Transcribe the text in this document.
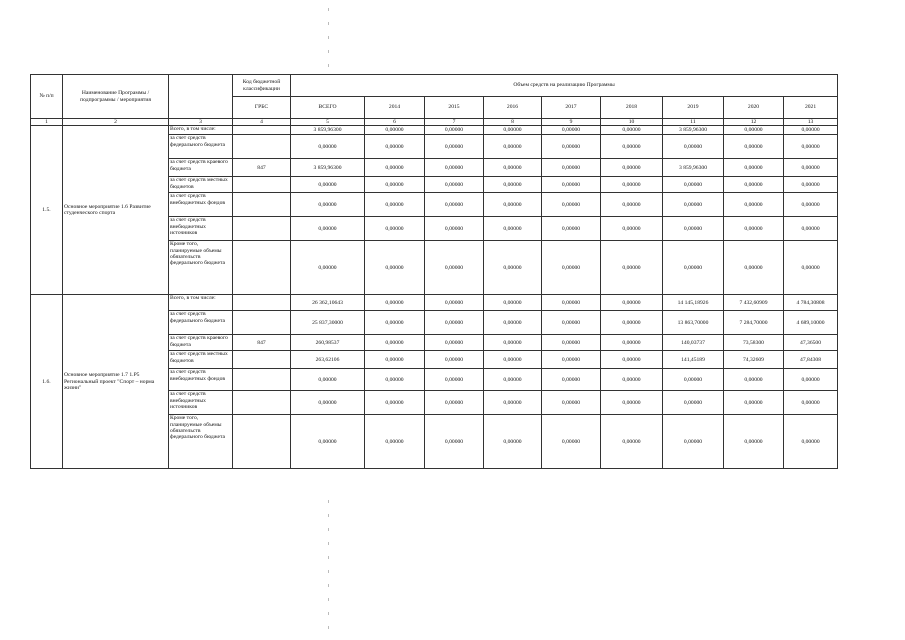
№ п/п	Наименование Программы / подпрограммы / мероприятия		Код бюджетной классификации	Объем средств на реализацию Программы								
			ГРБС	ВСЕГО	2014	2015	2016	2017	2018	2019	2020	2021
1	2	3	4	5	6	7	8	9	10	11	12	13
1.5.	Основное мероприятие 1.6 Развитие студенческого спорта	Всего, в том числе:		3 859,96300	0,00000	0,00000	0,00000	0,00000	0,00000	3 859,96300	0,00000	0,00000
		за счет средств федерального бюджета		0,00000	0,00000	0,00000	0,00000	0,00000	0,00000	0,00000	0,00000	0,00000
		за счет средств краевого бюджета	847	3 859,96300	0,00000	0,00000	0,00000	0,00000	0,00000	3 859,96300	0,00000	0,00000
		за счет средств местных бюджетов		0,00000	0,00000	0,00000	0,00000	0,00000	0,00000	0,00000	0,00000	0,00000
		за счет средств внебюджетных фондов		0,00000	0,00000	0,00000	0,00000	0,00000	0,00000	0,00000	0,00000	0,00000
		за счет средств внебюджетных источников		0,00000	0,00000	0,00000	0,00000	0,00000	0,00000	0,00000	0,00000	0,00000
		Кроме того, планируемые объемы обязательств федерального бюджета		0,00000	0,00000	0,00000	0,00000	0,00000	0,00000	0,00000	0,00000	0,00000
1.6.	Основное мероприятие 1.7 1.Р5 Региональный проект "Спорт – норма жизни"	Всего, в том числе:		26 362,10643	0,00000	0,00000	0,00000	0,00000	0,00000	14 145,18926	7 432,60909	4 784,30808
		за счет средств федерального бюджета		25 837,30000	0,00000	0,00000	0,00000	0,00000	0,00000	13 863,70000	7 284,70000	4 689,10000
		за счет средств краевого бюджета	847	260,98537	0,00000	0,00000	0,00000	0,00000	0,00000	140,03737	73,58300	47,36500
		за счет средств местных бюджетов		263,62106	0,00000	0,00000	0,00000	0,00000	0,00000	141,45189	74,32609	47,84308
		за счет средств внебюджетных фондов		0,00000	0,00000	0,00000	0,00000	0,00000	0,00000	0,00000	0,00000	0,00000
		за счет средств внебюджетных источников		0,00000	0,00000	0,00000	0,00000	0,00000	0,00000	0,00000	0,00000	0,00000
		Кроме того, планируемые объемы обязательств федерального бюджета		0,00000	0,00000	0,00000	0,00000	0,00000	0,00000	0,00000	0,00000	0,00000
